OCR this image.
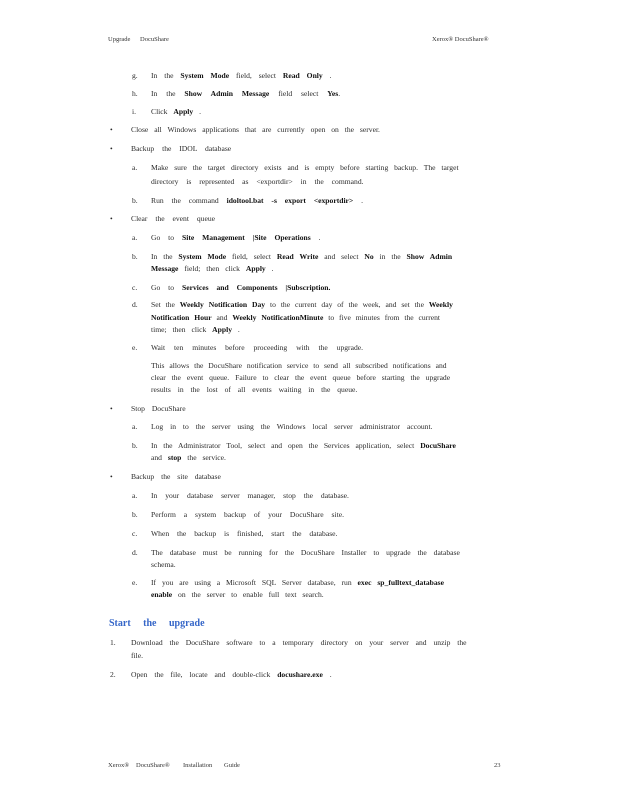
Upgrade DocuShare	Xerox® DocuShare®
g. In the System Mode field, select Read Only .
h. In the Show Admin Message field select Yes.
i. Click Apply .
• Close all Windows applications that are currently open on the server.
• Backup the IDOL database
a. Make sure the target directory exists and is empty before starting backup. The target
directory is represented as <exportdir> in the command.
b. Run the command idoltool.bat -s export <exportdir> .
• Clear the event queue
a. Go to Site Management |Site Operations .
b. In the System Mode field, select Read Write and select No in the Show Admin
Message field; then click Apply .
c. Go to Services and Components |Subscription.
d. Set the Weekly Notification Day to the current day of the week, and set the Weekly
Notification Hour and Weekly NotificationMinute to five minutes from the current
time; then click Apply .
e. Wait ten minutes before proceeding with the upgrade.
This allows the DocuShare notification service to send all subscribed notifications and
clear the event queue. Failure to clear the event queue before starting the upgrade
results in the lost of all events waiting in the queue.
• Stop DocuShare
a. Log in to the server using the Windows local server administrator account.
b. In the Administrator Tool, select and open the Services application, select DocuShare
and stop the service.
• Backup the site database
a. In your database server manager, stop the database.
b. Perform a system backup of your DocuShare site.
c. When the backup is finished, start the database.
d. The database must be running for the DocuShare Installer to upgrade the database
schema.
e. If you are using a Microsoft SQL Server database, run exec sp_fulltext_database
enable on the server to enable full text search.
Start the upgrade
1. Download the DocuShare software to a temporary directory on your server and unzip the
file.
2. Open the file, locate and double-click docushare.exe .
Xerox® DocuShare® Installation Guide	23
